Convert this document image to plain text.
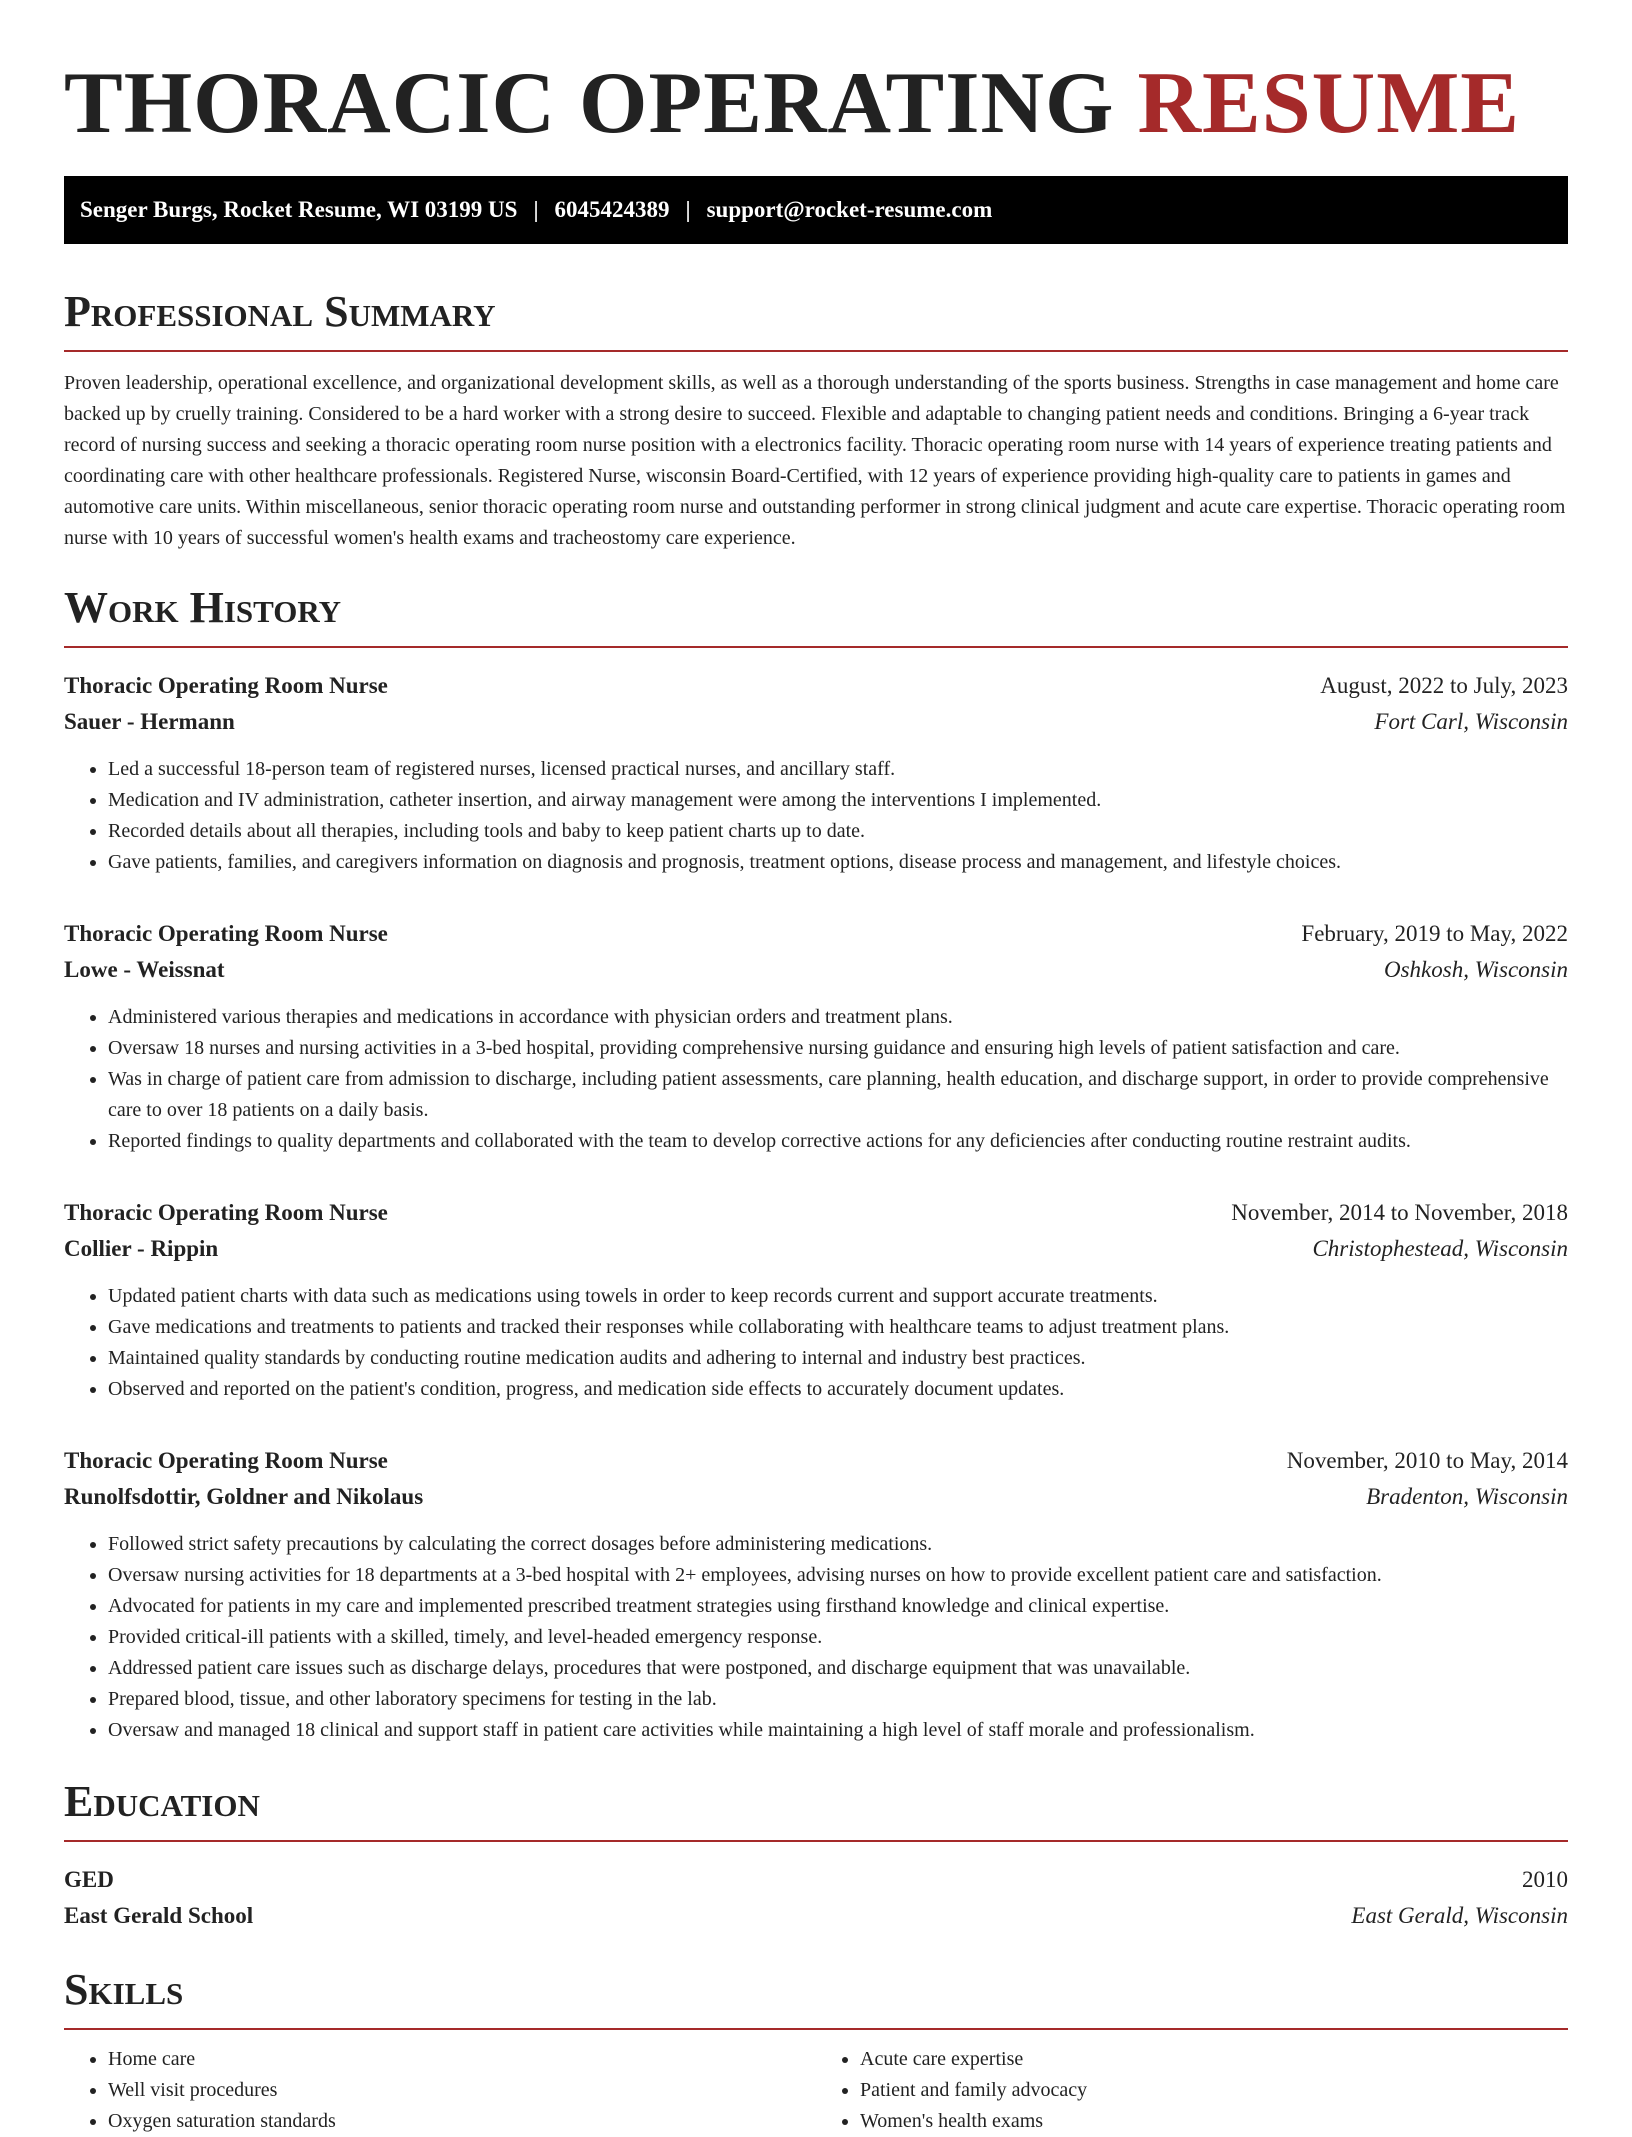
THORACIC OPERATING RESUME
Senger Burgs, Rocket Resume, WI 03199 US | 6045424389 | support@rocket-resume.com
Professional Summary

Proven leadership, operational excellence, and organizational development skills, as well as a thorough understanding of the sports business. Strengths in case management and home care backed up by cruelly training. Considered to be a hard worker with a strong desire to succeed. Flexible and adaptable to changing patient needs and conditions. Bringing a 6-year track record of nursing success and seeking a thoracic operating room nurse position with a electronics facility. Thoracic operating room nurse with 14 years of experience treating patients and coordinating care with other healthcare professionals. Registered Nurse, wisconsin Board-Certified, with 12 years of experience providing high-quality care to patients in games and automotive care units. Within miscellaneous, senior thoracic operating room nurse and outstanding performer in strong clinical judgment and acute care expertise. Thoracic operating room nurse with 10 years of successful women's health exams and tracheostomy care experience.

Work History
Thoracic Operating Room Nurse	August, 2022 to July, 2023
Sauer - Hermann	Fort Carl, Wisconsin
• Led a successful 18-person team of registered nurses, licensed practical nurses, and ancillary staff.
• Medication and IV administration, catheter insertion, and airway management were among the interventions I implemented.
• Recorded details about all therapies, including tools and baby to keep patient charts up to date.
• Gave patients, families, and caregivers information on diagnosis and prognosis, treatment options, disease process and management, and lifestyle choices.
Thoracic Operating Room Nurse	February, 2019 to May, 2022
Lowe - Weissnat	Oshkosh, Wisconsin
• Administered various therapies and medications in accordance with physician orders and treatment plans.
• Oversaw 18 nurses and nursing activities in a 3-bed hospital, providing comprehensive nursing guidance and ensuring high levels of patient satisfaction and care.
• Was in charge of patient care from admission to discharge, including patient assessments, care planning, health education, and discharge support, in order to provide comprehensive care to over 18 patients on a daily basis.
• Reported findings to quality departments and collaborated with the team to develop corrective actions for any deficiencies after conducting routine restraint audits.
Thoracic Operating Room Nurse	November, 2014 to November, 2018
Collier - Rippin	Christophestead, Wisconsin
• Updated patient charts with data such as medications using towels in order to keep records current and support accurate treatments.
• Gave medications and treatments to patients and tracked their responses while collaborating with healthcare teams to adjust treatment plans.
• Maintained quality standards by conducting routine medication audits and adhering to internal and industry best practices.
• Observed and reported on the patient's condition, progress, and medication side effects to accurately document updates.
Thoracic Operating Room Nurse	November, 2010 to May, 2014
Runolfsdottir, Goldner and Nikolaus	Bradenton, Wisconsin
• Followed strict safety precautions by calculating the correct dosages before administering medications.
• Oversaw nursing activities for 18 departments at a 3-bed hospital with 2+ employees, advising nurses on how to provide excellent patient care and satisfaction.
• Advocated for patients in my care and implemented prescribed treatment strategies using firsthand knowledge and clinical expertise.
• Provided critical-ill patients with a skilled, timely, and level-headed emergency response.
• Addressed patient care issues such as discharge delays, procedures that were postponed, and discharge equipment that was unavailable.
• Prepared blood, tissue, and other laboratory specimens for testing in the lab.
• Oversaw and managed 18 clinical and support staff in patient care activities while maintaining a high level of staff morale and professionalism.
Education
GED	2010
East Gerald School	East Gerald, Wisconsin
Skills
• Home care
• Well visit procedures
• Oxygen saturation standards
• Acute care expertise
• Patient and family advocacy
• Women's health exams
